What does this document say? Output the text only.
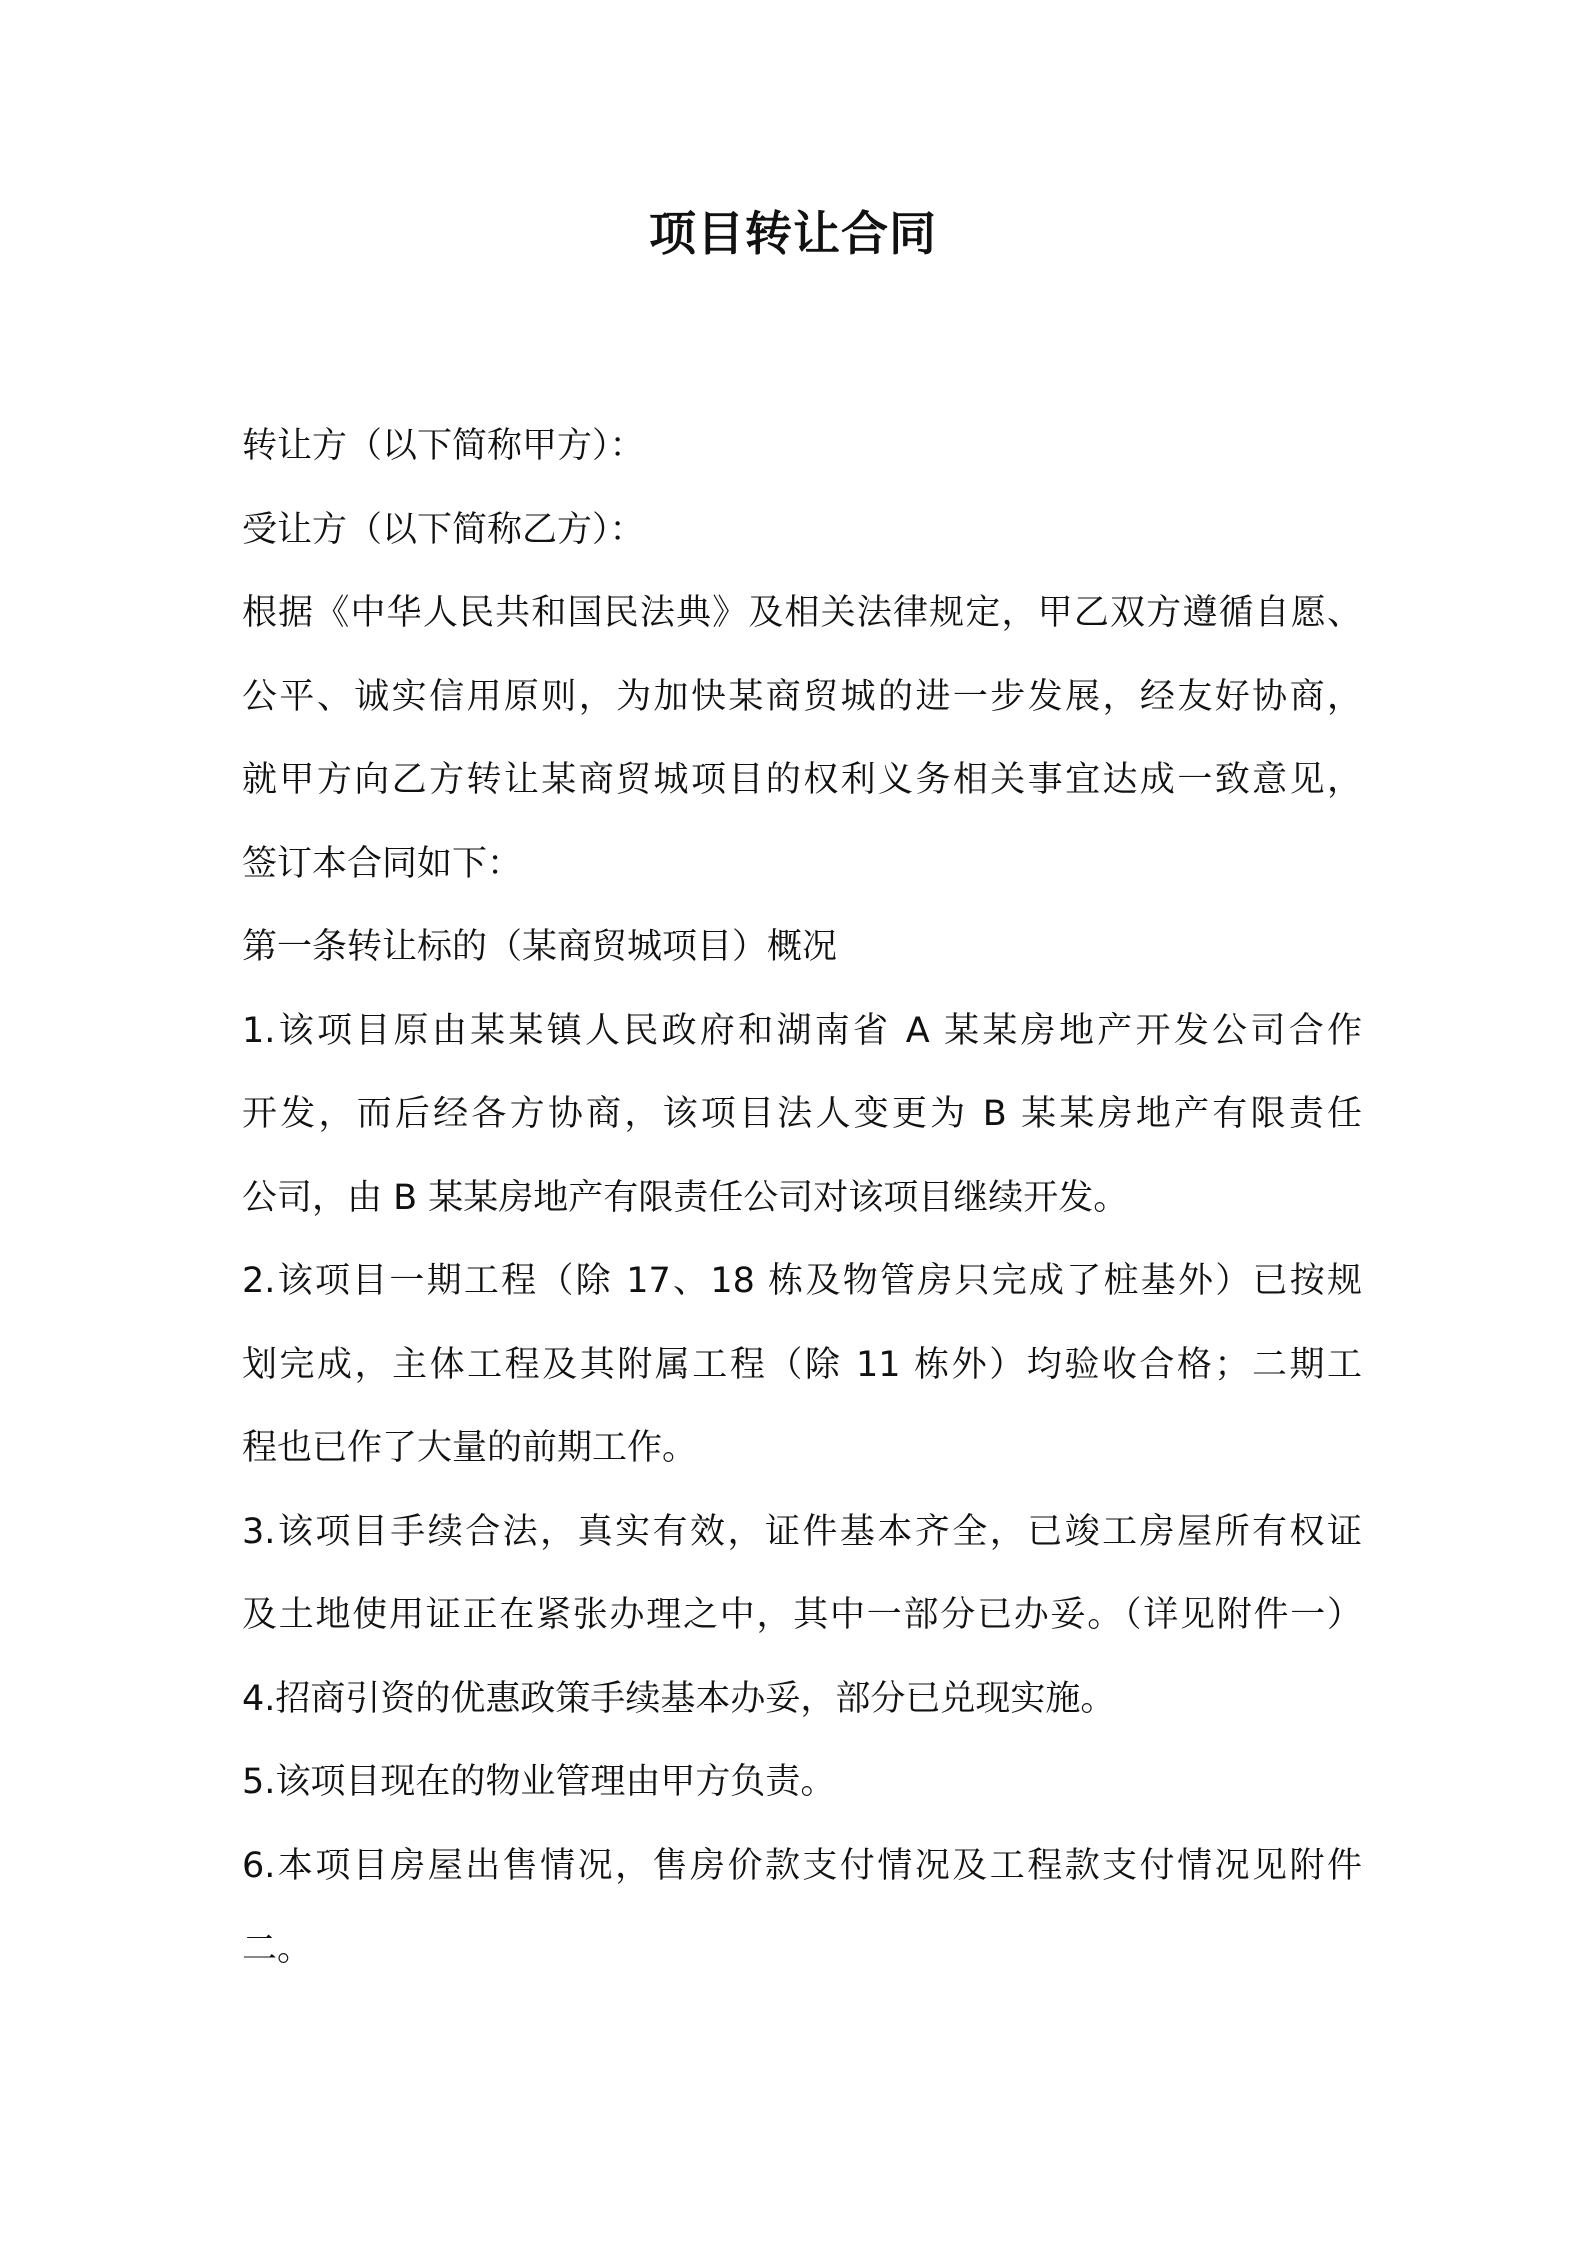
项目转让合同
转让方（以下简称甲方）：
受让方（以下简称乙方）：
根据《中华人民共和国民法典》及相关法律规定，甲乙双方遵循自愿、
公平、诚实信用原则，为加快某商贸城的进一步发展，经友好协商，
就甲方向乙方转让某商贸城项目的权利义务相关事宜达成一致意见，
签订本合同如下：
第一条转让标的（某商贸城项目）概况
1.该项目原由某某镇人民政府和湖南省 A 某某房地产开发公司合作
开发，而后经各方协商，该项目法人变更为 B 某某房地产有限责任
公司，由 B 某某房地产有限责任公司对该项目继续开发。
2.该项目一期工程（除 17、18 栋及物管房只完成了桩基外）已按规
划完成，主体工程及其附属工程（除 11 栋外）均验收合格；二期工
程也已作了大量的前期工作。
3.该项目手续合法，真实有效，证件基本齐全，已竣工房屋所有权证
及土地使用证正在紧张办理之中，其中一部分已办妥。（详见附件一）
4.招商引资的优惠政策手续基本办妥，部分已兑现实施。
5.该项目现在的物业管理由甲方负责。
6.本项目房屋出售情况，售房价款支付情况及工程款支付情况见附件
二。
